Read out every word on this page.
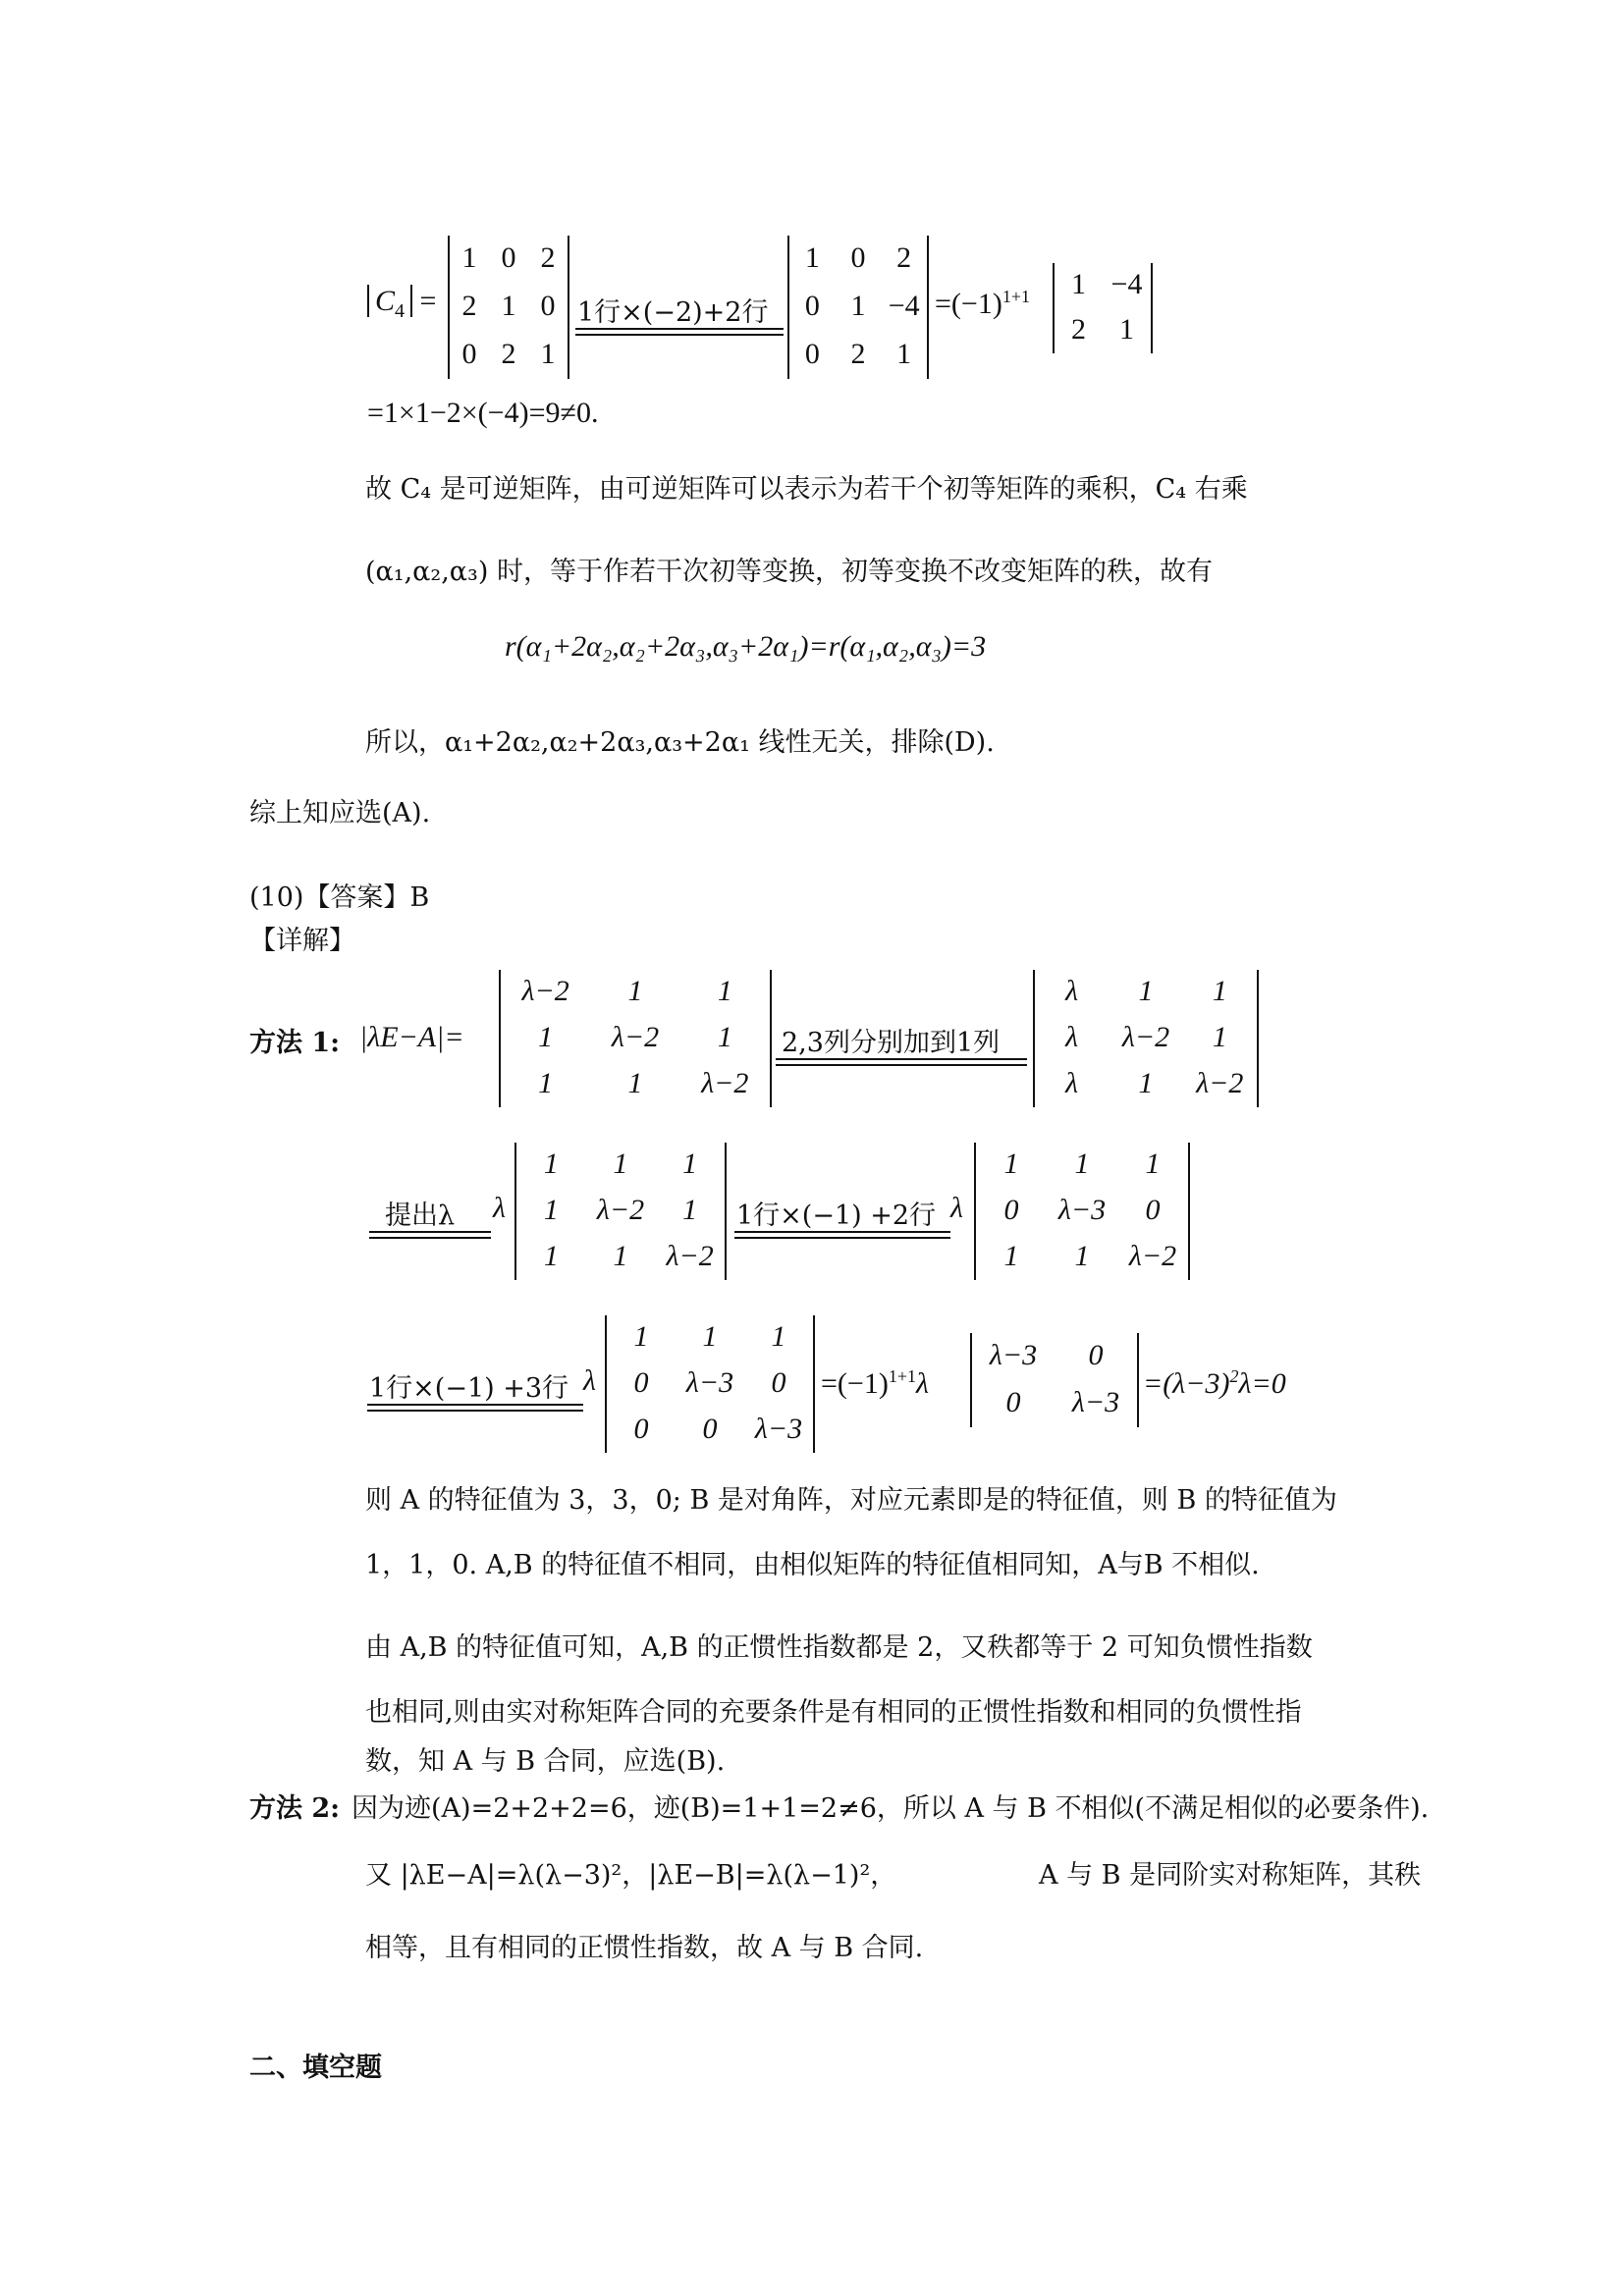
$C_4$ =
1 0 2
2 1 0
0 2 1
1行×(−2)+2行
1	0	2
0	1 −4
0	2	1
$=(-1)^{1+1}$	1 −4
2	1
=1×1−2×(−4)=9≠0.
故 C₄ 是可逆矩阵，由可逆矩阵可以表示为若干个初等矩阵的乘积，C₄ 右乘
(α₁,α₂,α₃) 时，等于作若干次初等变换，初等变换不改变矩阵的秩，故有
r(α₁+2α₂,α₂+2α₃,α₃+2α₁)=r(α₁,α₂,α₃)=3
所以，α₁+2α₂,α₂+2α₃,α₃+2α₁ 线性无关，排除(D).
综上知应选(A).
(10)【答案】B
【详解】
方法 1: |λE−A|=
λ−2	1	1
1	λ−2	1
1	1	λ−2
2,3列分别加到1列
λ	1	1
λ	λ−2	1
λ	1	λ−2
提出λ λ
1	1	1
1	λ−2	1
1	1	λ−2
1行×(−1) +2行 λ
1	1	1
0	λ−3	0
1	1	λ−2
1行×(−1) +3行 λ
1	1	1
0	λ−3	0
0	0	λ−3
$=(-1)^{1+1}\lambda$
λ−3	0
0	λ−3
$=(\lambda-3)^2\lambda=0$
则 A 的特征值为 3，3，0; B 是对角阵，对应元素即是的特征值，则 B 的特征值为
1，1，0. A,B 的特征值不相同，由相似矩阵的特征值相同知，A与B 不相似.
由 A,B 的特征值可知，A,B 的正惯性指数都是 2，又秩都等于 2 可知负惯性指数
也相同,则由实对称矩阵合同的充要条件是有相同的正惯性指数和相同的负惯性指
数，知 A 与 B 合同，应选(B).
方法 2: 因为迹(A)=2+2+2=6，迹(B)=1+1=2≠6，所以 A 与 B 不相似(不满足相似的必要条件).
又 |λE−A|=λ(λ−3)²，|λE−B|=λ(λ−1)²，	A 与 B 是同阶实对称矩阵，其秩
相等，且有相同的正惯性指数，故 A 与 B 合同.
二、填空题
